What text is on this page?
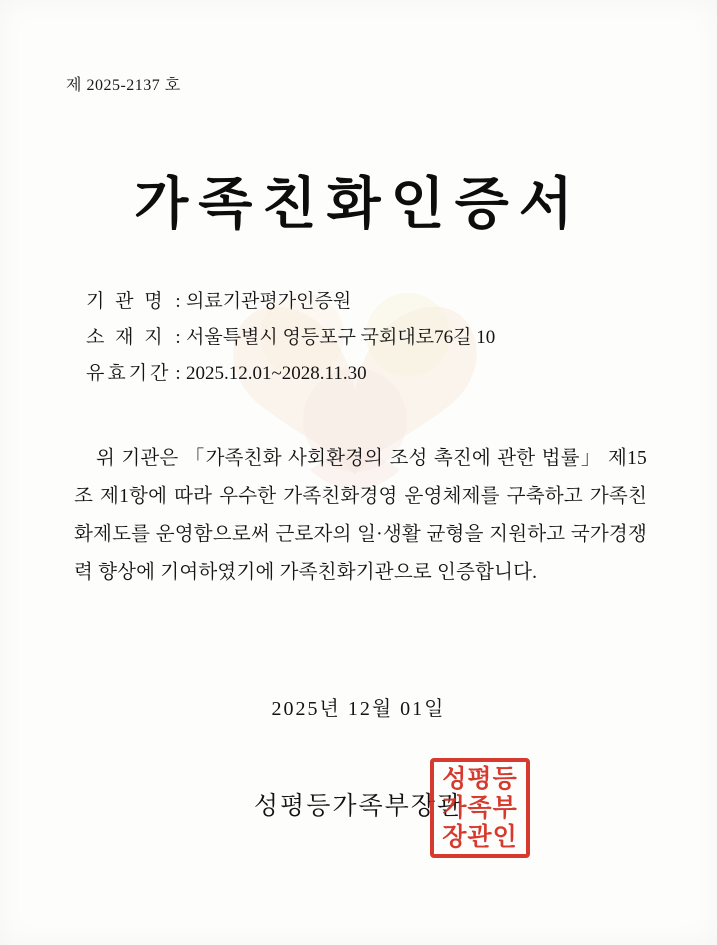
제 2025-2137 호
가족친화인증서
기 관 명 : 의료기관평가인증원
소 재 지 : 서울특별시 영등포구 국회대로76길 10
유효기간 : 2025.12.01~2028.11.30
위 기관은 「가족친화 사회환경의 조성 촉진에 관한 법률」 제15조 제1항에 따라 우수한 가족친화경영 운영체제를 구축하고 가족친화제도를 운영함으로써 근로자의 일·생활 균형을 지원하고 국가경쟁력 향상에 기여하였기에 가족친화기관으로 인증합니다.
2025년 12월 01일
성평등가족부장관
성평등
가족부
장관인
